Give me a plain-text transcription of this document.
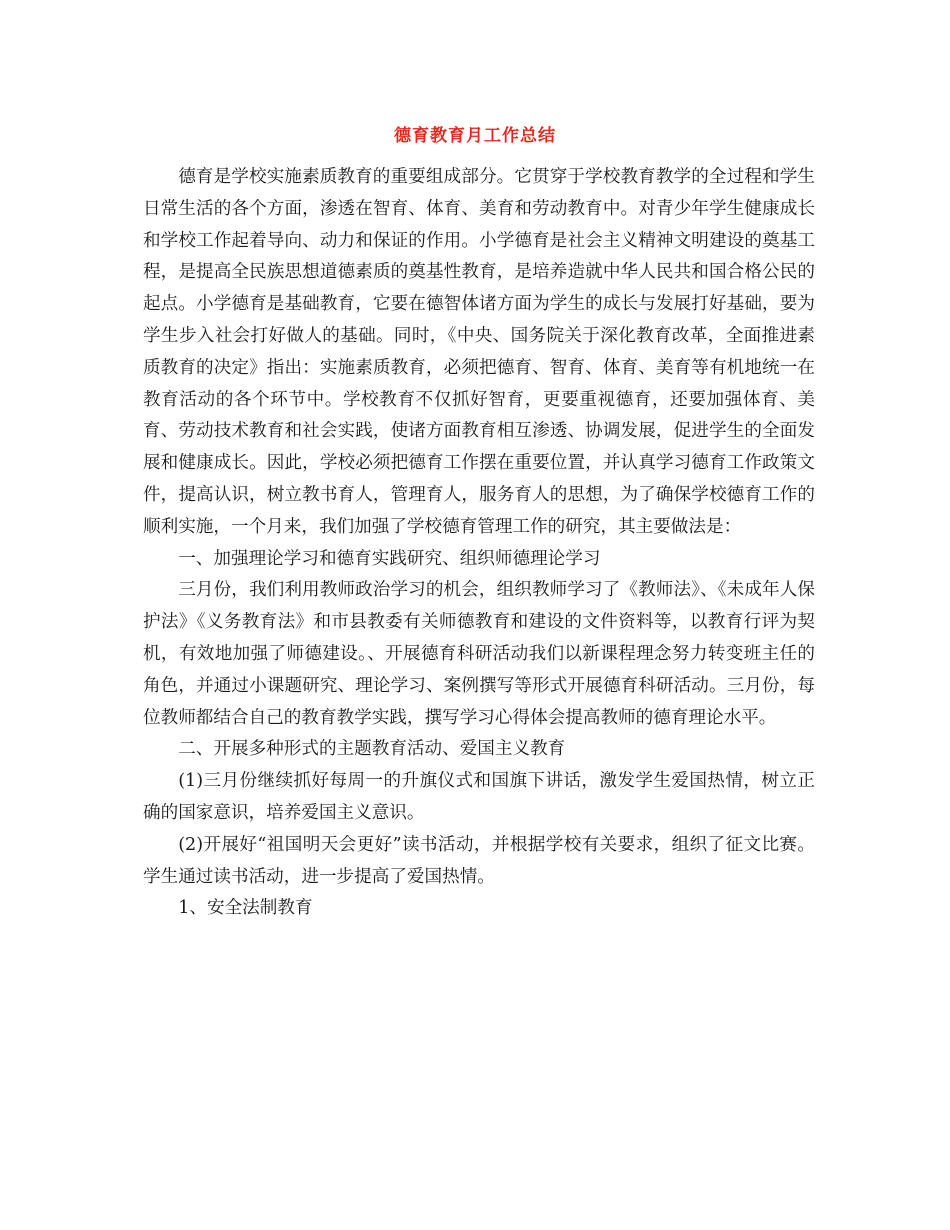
德育教育月工作总结

德育是学校实施素质教育的重要组成部分。它贯穿于学校教育教学的全过程和学生日常生活的各个方面，渗透在智育、体育、美育和劳动教育中。对青少年学生健康成长和学校工作起着导向、动力和保证的作用。小学德育是社会主义精神文明建设的奠基工程，是提高全民族思想道德素质的奠基性教育，是培养造就中华人民共和国合格公民的起点。小学德育是基础教育，它要在德智体诸方面为学生的成长与发展打好基础，要为学生步入社会打好做人的基础。同时，《中央、国务院关于深化教育改革，全面推进素质教育的决定》指出：实施素质教育，必须把德育、智育、体育、美育等有机地统一在教育活动的各个环节中。学校教育不仅抓好智育，更要重视德育，还要加强体育、美育、劳动技术教育和社会实践，使诸方面教育相互渗透、协调发展，促进学生的全面发展和健康成长。因此，学校必须把德育工作摆在重要位置，并认真学习德育工作政策文件，提高认识，树立教书育人，管理育人，服务育人的思想，为了确保学校德育工作的顺利实施，一个月来，我们加强了学校德育管理工作的研究，其主要做法是：

一、加强理论学习和德育实践研究、组织师德理论学习

三月份，我们利用教师政治学习的机会，组织教师学习了《教师法》、《未成年人保护法》《义务教育法》和市县教委有关师德教育和建设的文件资料等，以教育行评为契机，有效地加强了师德建设。、开展德育科研活动我们以新课程理念努力转变班主任的角色，并通过小课题研究、理论学习、案例撰写等形式开展德育科研活动。三月份，每位教师都结合自己的教育教学实践，撰写学习心得体会提高教师的德育理论水平。

二、开展多种形式的主题教育活动、爱国主义教育

(1)三月份继续抓好每周一的升旗仪式和国旗下讲话，激发学生爱国热情，树立正确的国家意识，培养爱国主义意识。

(2)开展好“祖国明天会更好”读书活动，并根据学校有关要求，组织了征文比赛。学生通过读书活动，进一步提高了爱国热情。

1、安全法制教育
